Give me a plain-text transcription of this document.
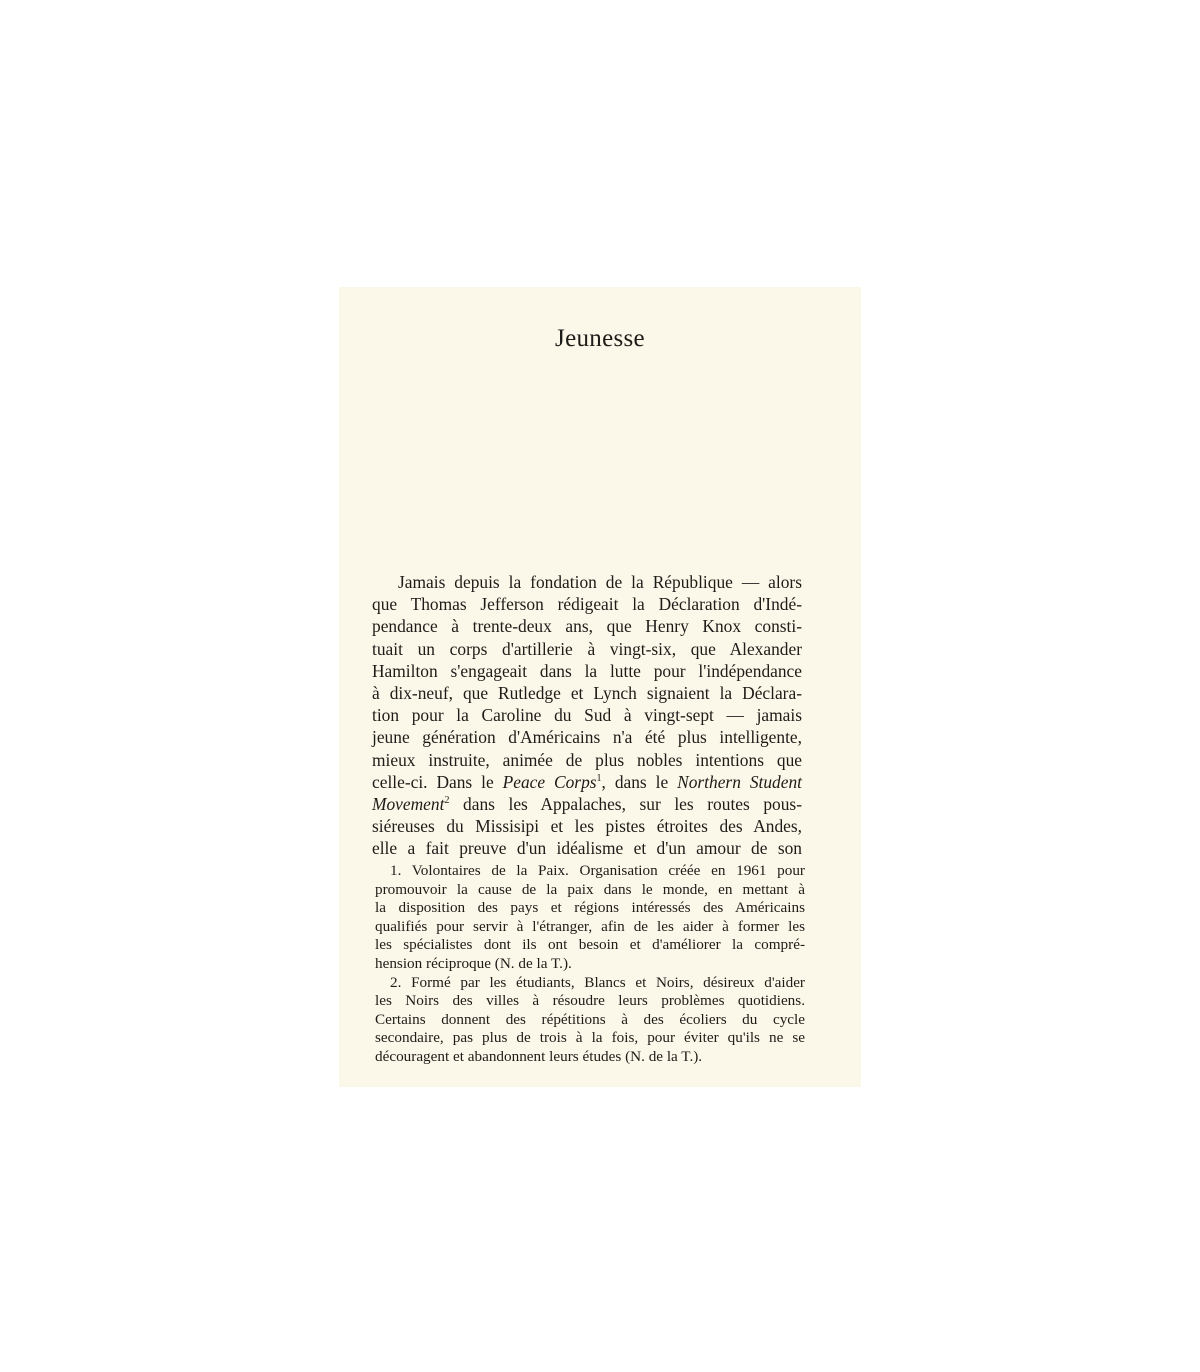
Jeunesse
Jamais depuis la fondation de la République — alors
que Thomas Jefferson rédigeait la Déclaration d'Indé-
pendance à trente-deux ans, que Henry Knox consti-
tuait un corps d'artillerie à vingt-six, que Alexander
Hamilton s'engageait dans la lutte pour l'indépendance
à dix-neuf, que Rutledge et Lynch signaient la Déclara-
tion pour la Caroline du Sud à vingt-sept — jamais
jeune génération d'Américains n'a été plus intelligente,
mieux instruite, animée de plus nobles intentions que
celle-ci. Dans le Peace Corps$^1$, dans le Northern Student
Movement$^2$ dans les Appalaches, sur les routes pous-
siéreuses du Missisipi et les pistes étroites des Andes,
elle a fait preuve d'un idéalisme et d'un amour de son
1. Volontaires de la Paix. Organisation créée en 1961 pour
promouvoir la cause de la paix dans le monde, en mettant à
la disposition des pays et régions intéressés des Américains
qualifiés pour servir à l'étranger, afin de les aider à former les
les spécialistes dont ils ont besoin et d'améliorer la compré-
hension réciproque (N. de la T.).
2. Formé par les étudiants, Blancs et Noirs, désireux d'aider
les Noirs des villes à résoudre leurs problèmes quotidiens.
Certains donnent des répétitions à des écoliers du cycle
secondaire, pas plus de trois à la fois, pour éviter qu'ils ne se
découragent et abandonnent leurs études (N. de la T.).
